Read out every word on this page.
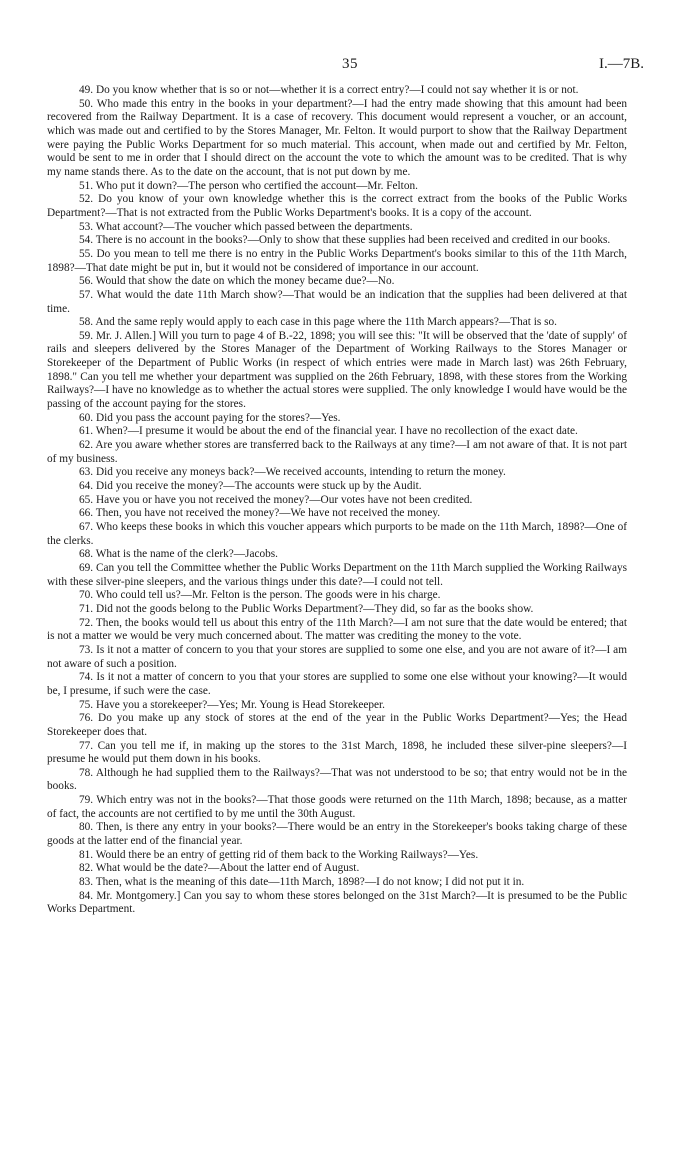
35	I.—7B.

49. Do you know whether that is so or not—whether it is a correct entry?—I could not say whether it is or not.

50. Who made this entry in the books in your department?—I had the entry made showing that this amount had been recovered from the Railway Department. It is a case of recovery. This document would represent a voucher, or an account, which was made out and certified to by the Stores Manager, Mr. Felton. It would purport to show that the Railway Department were paying the Public Works Department for so much material. This account, when made out and certified by Mr. Felton, would be sent to me in order that I should direct on the account the vote to which the amount was to be credited. That is why my name stands there. As to the date on the account, that is not put down by me.

51. Who put it down?—The person who certified the account—Mr. Felton.

52. Do you know of your own knowledge whether this is the correct extract from the books of the Public Works Department?—That is not extracted from the Public Works Department's books. It is a copy of the account.

53. What account?—The voucher which passed between the departments.

54. There is no account in the books?—Only to show that these supplies had been received and credited in our books.

55. Do you mean to tell me there is no entry in the Public Works Department's books similar to this of the 11th March, 1898?—That date might be put in, but it would not be considered of importance in our account.

56. Would that show the date on which the money became due?—No.

57. What would the date 11th March show?—That would be an indication that the supplies had been delivered at that time.

58. And the same reply would apply to each case in this page where the 11th March appears?—That is so.

59. Mr. J. Allen.] Will you turn to page 4 of B.-22, 1898; you will see this: "It will be observed that the 'date of supply' of rails and sleepers delivered by the Stores Manager of the Department of Working Railways to the Stores Manager or Storekeeper of the Department of Public Works (in respect of which entries were made in March last) was 26th February, 1898." Can you tell me whether your department was supplied on the 26th February, 1898, with these stores from the Working Railways?—I have no knowledge as to whether the actual stores were supplied. The only knowledge I would have would be the passing of the account paying for the stores.

60. Did you pass the account paying for the stores?—Yes.

61. When?—I presume it would be about the end of the financial year. I have no recollection of the exact date.

62. Are you aware whether stores are transferred back to the Railways at any time?—I am not aware of that. It is not part of my business.

63. Did you receive any moneys back?—We received accounts, intending to return the money.

64. Did you receive the money?—The accounts were stuck up by the Audit.

65. Have you or have you not received the money?—Our votes have not been credited.

66. Then, you have not received the money?—We have not received the money.

67. Who keeps these books in which this voucher appears which purports to be made on the 11th March, 1898?—One of the clerks.

68. What is the name of the clerk?—Jacobs.

69. Can you tell the Committee whether the Public Works Department on the 11th March supplied the Working Railways with these silver-pine sleepers, and the various things under this date?—I could not tell.

70. Who could tell us?—Mr. Felton is the person. The goods were in his charge.

71. Did not the goods belong to the Public Works Department?—They did, so far as the books show.

72. Then, the books would tell us about this entry of the 11th March?—I am not sure that the date would be entered; that is not a matter we would be very much concerned about. The matter was crediting the money to the vote.

73. Is it not a matter of concern to you that your stores are supplied to some one else, and you are not aware of it?—I am not aware of such a position.

74. Is it not a matter of concern to you that your stores are supplied to some one else without your knowing?—It would be, I presume, if such were the case.

75. Have you a storekeeper?—Yes; Mr. Young is Head Storekeeper.

76. Do you make up any stock of stores at the end of the year in the Public Works Department?—Yes; the Head Storekeeper does that.

77. Can you tell me if, in making up the stores to the 31st March, 1898, he included these silver-pine sleepers?—I presume he would put them down in his books.

78. Although he had supplied them to the Railways?—That was not understood to be so; that entry would not be in the books.

79. Which entry was not in the books?—That those goods were returned on the 11th March, 1898; because, as a matter of fact, the accounts are not certified to by me until the 30th August.

80. Then, is there any entry in your books?—There would be an entry in the Storekeeper's books taking charge of these goods at the latter end of the financial year.

81. Would there be an entry of getting rid of them back to the Working Railways?—Yes.

82. What would be the date?—About the latter end of August.

83. Then, what is the meaning of this date—11th March, 1898?—I do not know; I did not put it in.

84. Mr. Montgomery.] Can you say to whom these stores belonged on the 31st March?—It is presumed to be the Public Works Department.
